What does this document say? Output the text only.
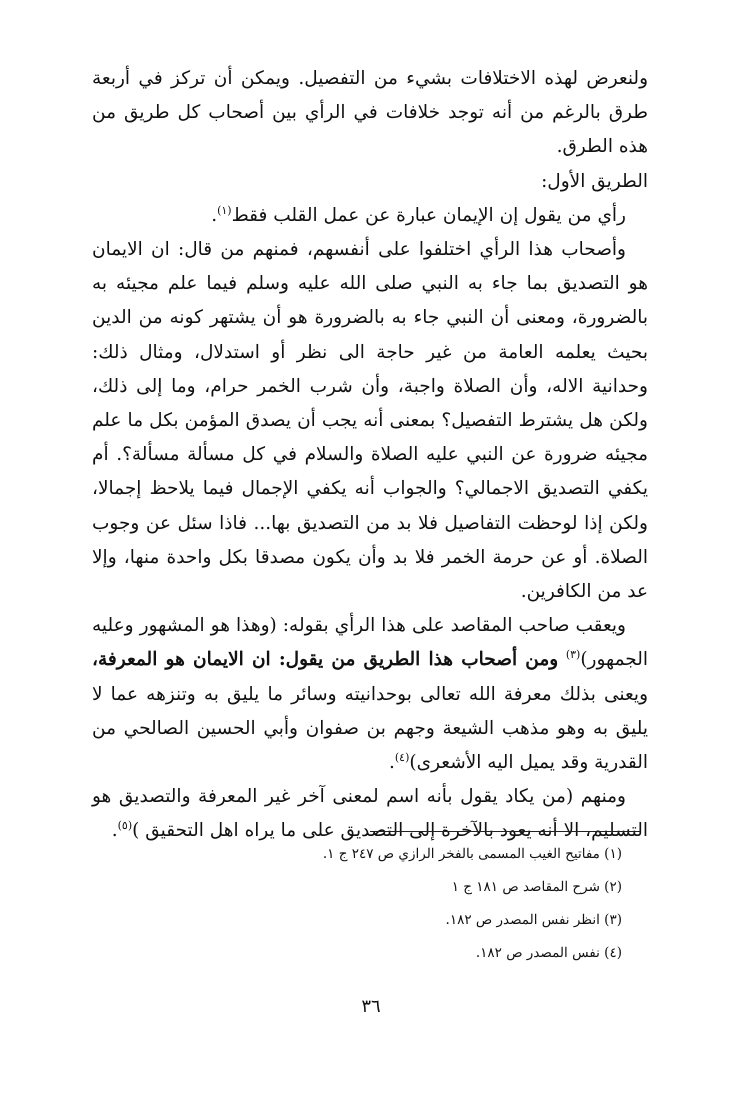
ولنعرض لهذه الاختلافات بشيء من التفصيل. ويمكن أن تركز في أربعة طرق بالرغم من أنه توجد خلافات في الرأي بين أصحاب كل طريق من هذه الطرق.

الطريق الأول:

رأي من يقول إن الإيمان عبارة عن عمل القلب فقط$^{(١)}$.

وأصحاب هذا الرأي اختلفوا على أنفسهم، فمنهم من قال: ان الايمان هو التصديق بما جاء به النبي صلى الله عليه وسلم فيما علم مجيئه به بالضرورة، ومعنى أن النبي جاء به بالضرورة هو أن يشتهر كونه من الدين بحيث يعلمه العامة من غير حاجة الى نظر أو استدلال، ومثال ذلك: وحدانية الاله، وأن الصلاة واجبة، وأن شرب الخمر حرام، وما إلى ذلك، ولكن هل يشترط التفصيل؟ بمعنى أنه يجب أن يصدق المؤمن بكل ما علم مجيئه ضرورة عن النبي عليه الصلاة والسلام في كل مسألة مسألة؟. أم يكفي التصديق الاجمالي؟ والجواب أنه يكفي الإجمال فيما يلاحظ إجمالا، ولكن إذا لوحظت التفاصيل فلا بد من التصديق بها... فاذا سئل عن وجوب الصلاة. أو عن حرمة الخمر فلا بد وأن يكون مصدقا بكل واحدة منها، وإلا عد من الكافرين.

ويعقب صاحب المقاصد على هذا الرأي بقوله: (وهذا هو المشهور وعليه الجمهور)$^{(٣)}$ ومن أصحاب هذا الطريق من يقول: ان الايمان هو المعرفة، ويعنى بذلك معرفة الله تعالى بوحدانيته وسائر ما يليق به وتنزهه عما لا يليق به وهو مذهب الشيعة وجهم بن صفوان وأبي الحسين الصالحي من القدرية وقد يميل اليه الأشعرى)$^{(٤)}$.

ومنهم (من يكاد يقول بأنه اسم لمعنى آخر غير المعرفة والتصديق هو التسليم، الا أنه يعود بالآخرة إلى التصديق على ما يراه اهل التحقيق )$^{(٥)}$.

(١) مفاتيح الغيب المسمى بالفخر الرازي ص ٢٤٧ ج ١.
(٢) شرح المقاصد ص ١٨١ ج ١
(٣) انظر نفس المصدر ص ١٨٢.
(٤) نفس المصدر ص ١٨٢.
٣٦
